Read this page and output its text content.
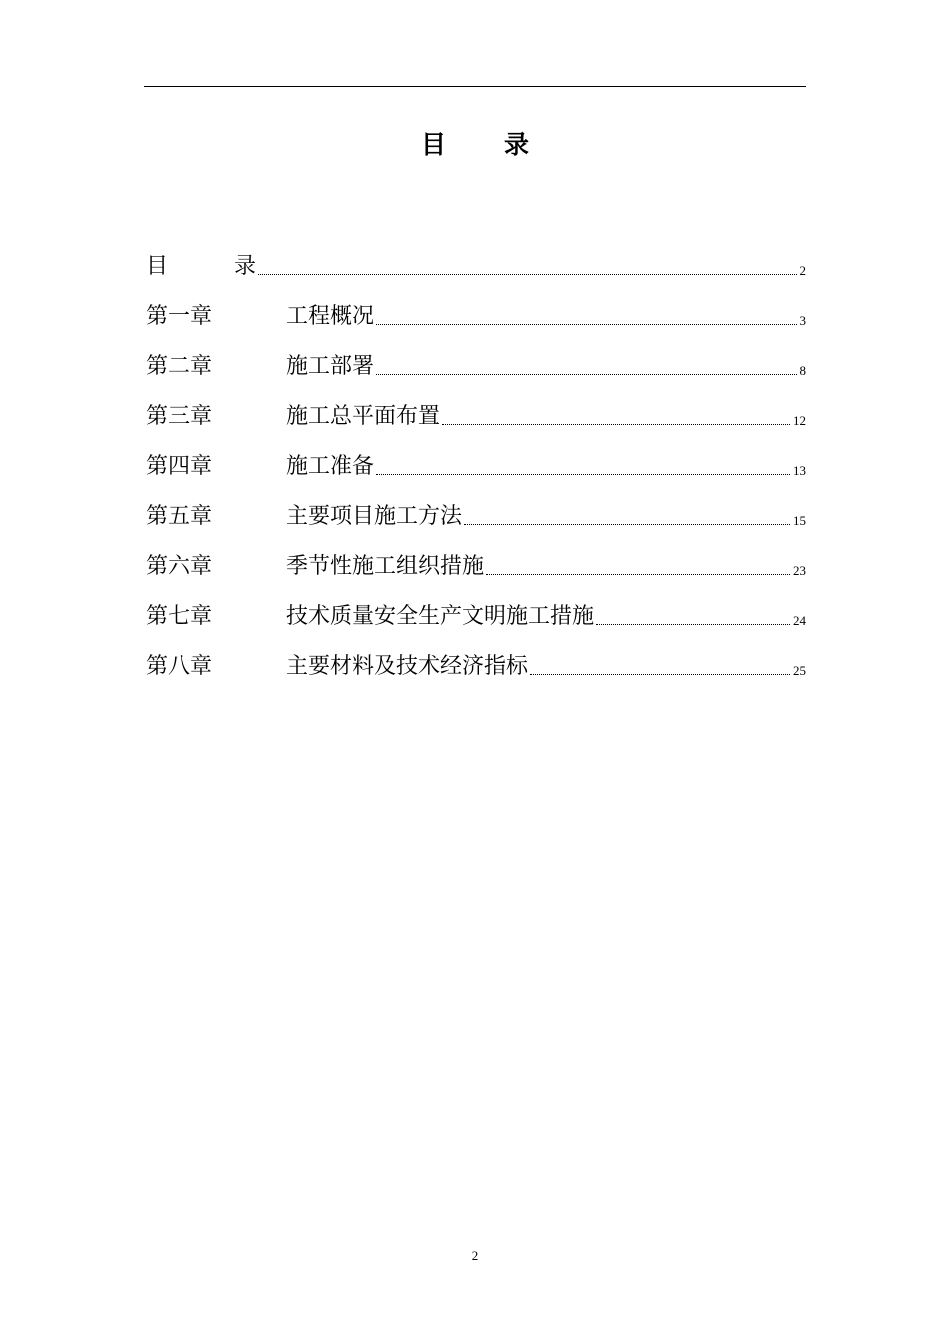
目 录
目	录	2
第一章	工程概况	3
第二章	施工部署	8
第三章	施工总平面布置	12
第四章	施工准备	13
第五章	主要项目施工方法	15
第六章	季节性施工组织措施	23
第七章	技术质量安全生产文明施工措施	24
第八章	主要材料及技术经济指标	25
2
